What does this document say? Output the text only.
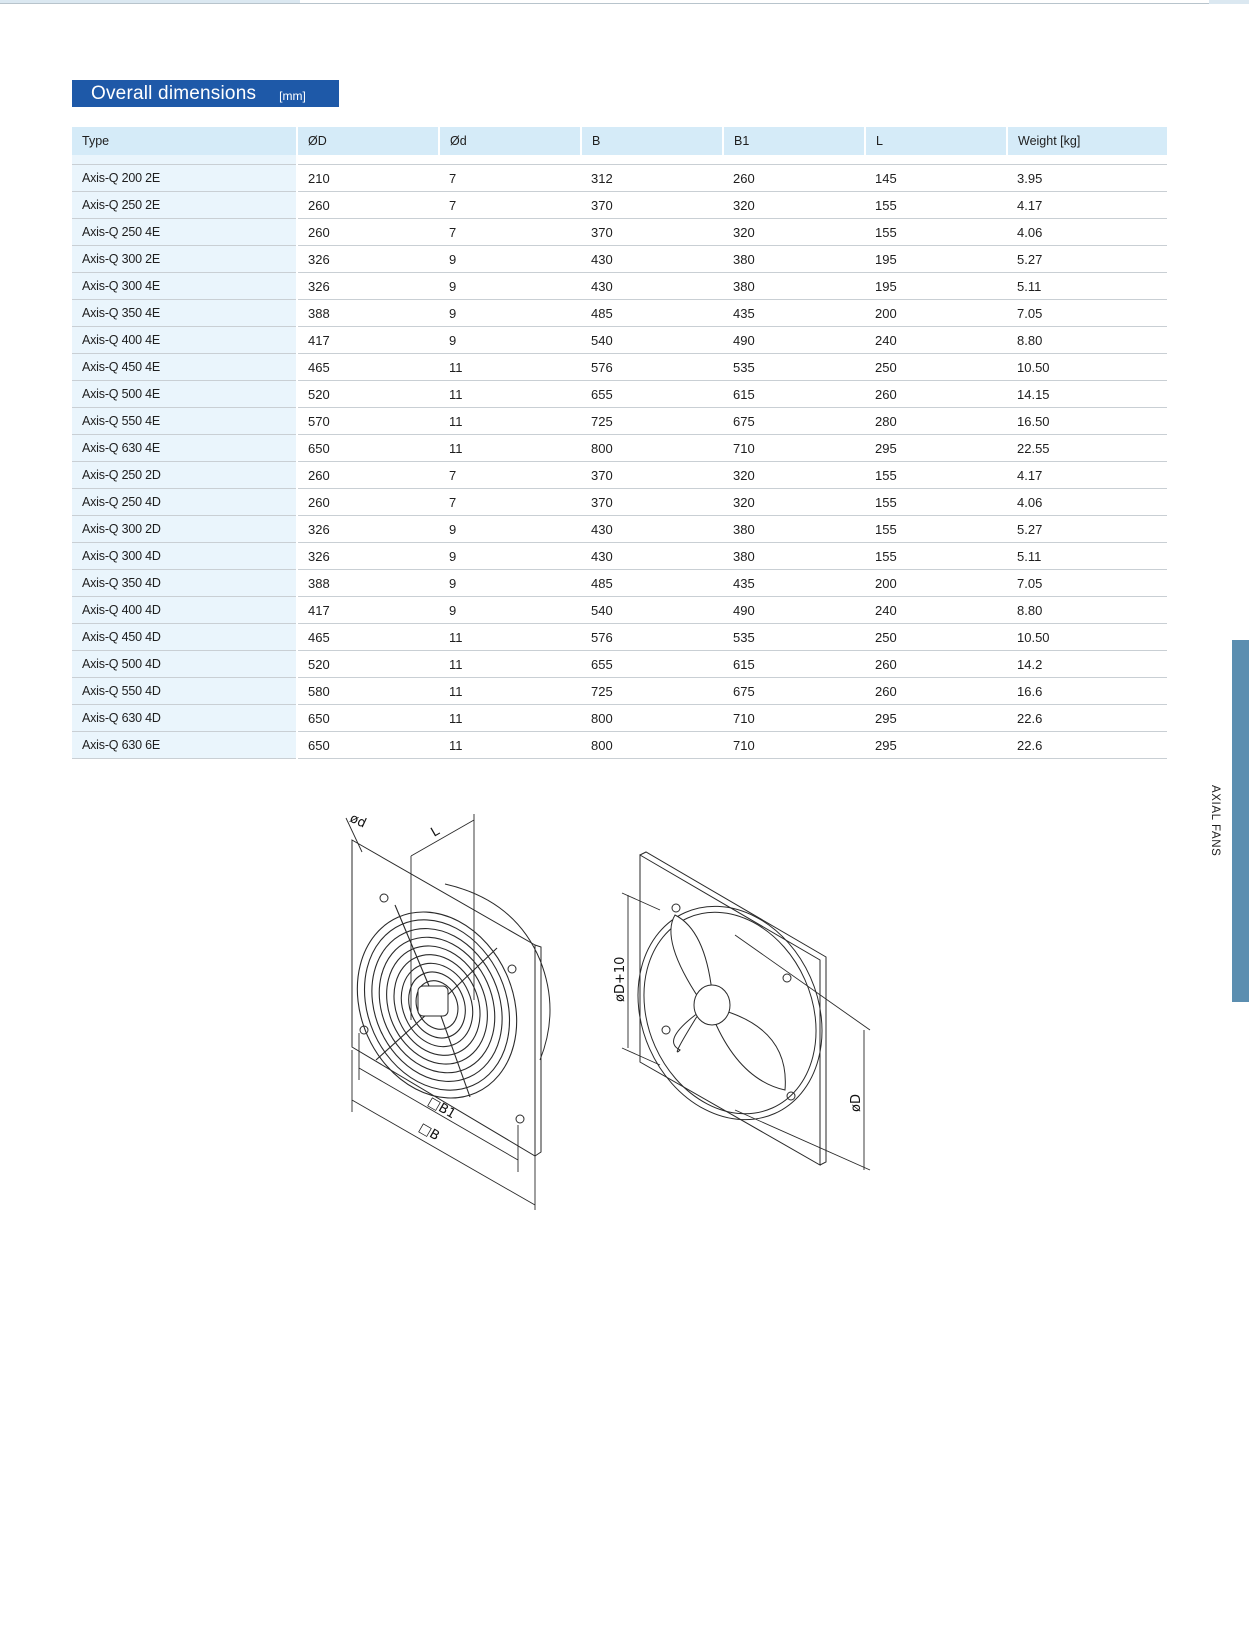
Overall dimensions [mm]
Type	ØD	Ød	B	B1	L	Weight [kg]

Axis-Q 200 2E	210	7	312	260	145	3.95
Axis-Q 250 2E	260	7	370	320	155	4.17
Axis-Q 250 4E	260	7	370	320	155	4.06
Axis-Q 300 2E	326	9	430	380	195	5.27
Axis-Q 300 4E	326	9	430	380	195	5.11
Axis-Q 350 4E	388	9	485	435	200	7.05
Axis-Q 400 4E	417	9	540	490	240	8.80
Axis-Q 450 4E	465	11	576	535	250	10.50
Axis-Q 500 4E	520	11	655	615	260	14.15
Axis-Q 550 4E	570	11	725	675	280	16.50
Axis-Q 630 4E	650	11	800	710	295	22.55
Axis-Q 250 2D	260	7	370	320	155	4.17
Axis-Q 250 4D	260	7	370	320	155	4.06
Axis-Q 300 2D	326	9	430	380	155	5.27
Axis-Q 300 4D	326	9	430	380	155	5.11
Axis-Q 350 4D	388	9	485	435	200	7.05
Axis-Q 400 4D	417	9	540	490	240	8.80
Axis-Q 450 4D	465	11	576	535	250	10.50
Axis-Q 500 4D	520	11	655	615	260	14.2
Axis-Q 550 4D	580	11	725	675	260	16.6
Axis-Q 630 4D	650	11	800	710	295	22.6
Axis-Q 630 6E	650	11	800	710	295	22.6
AXIAL FANS
ød
L
□B1
□B
øD+10
øD
